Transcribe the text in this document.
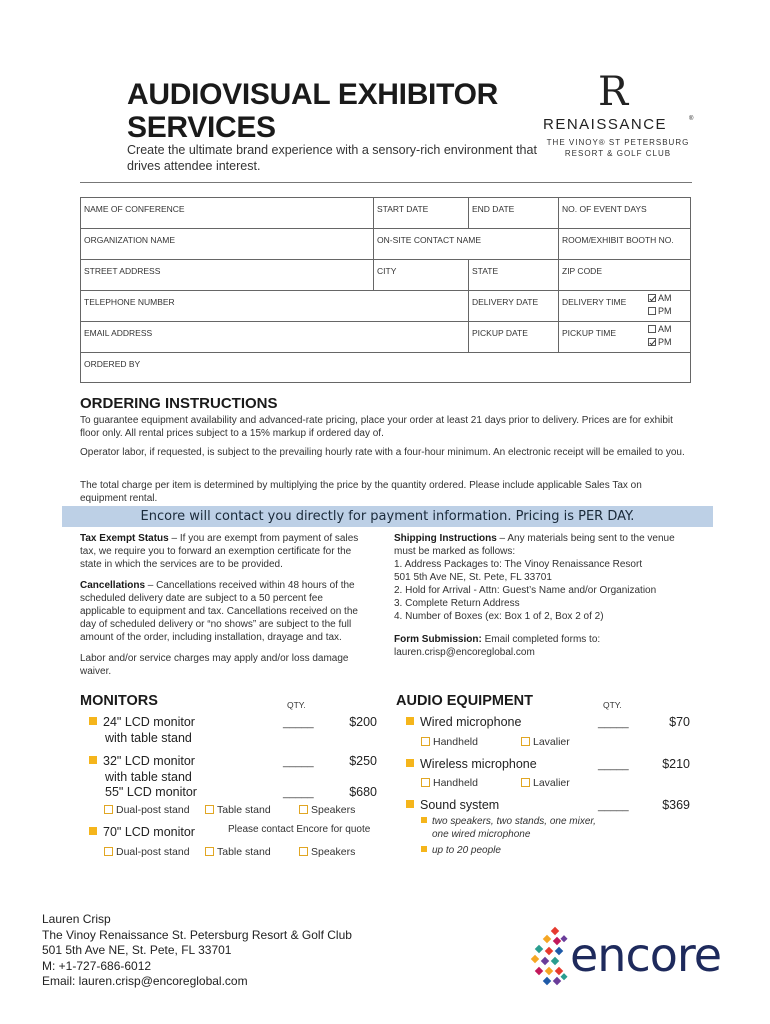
AUDIOVISUAL EXHIBITOR
SERVICES
Create the ultimate brand experience with a sensory-rich environment that drives attendee interest.
R
RENAISSANCE	®
THE VINOY® ST PETERSBURG
RESORT & GOLF CLUB
NAME OF CONFERENCE	START DATE	END DATE	NO. OF EVENT DAYS
ORGANIZATION NAME	ON-SITE CONTACT NAME	ROOM/EXHIBIT BOOTH NO.
STREET ADDRESS	CITY	STATE	ZIP CODE
TELEPHONE NUMBER	DELIVERY DATE	DELIVERY TIME	AM
PM
EMAIL ADDRESS	PICKUP DATE	PICKUP TIME	AM
PM
ORDERED BY
ORDERING INSTRUCTIONS
To guarantee equipment availability and advanced-rate pricing, place your order at least 21 days prior to delivery. Prices are for exhibit floor only. All rental prices subject to a 15% markup if ordered day of.
Operator labor, if requested, is subject to the prevailing hourly rate with a four-hour minimum. An electronic receipt will be emailed to you.
The total charge per item is determined by multiplying the price by the quantity ordered. Please include applicable Sales Tax on equipment rental.
Encore will contact you directly for payment information. Pricing is PER DAY.

Tax Exempt Status – If you are exempt from payment of sales tax, we require you to forward an exemption certificate for the state in which the services are to be provided.

Cancellations – Cancellations received within 48 hours of the scheduled delivery date are subject to a 50 percent fee applicable to equipment and tax. Cancellations received on the day of scheduled delivery or “no shows” are subject to the full amount of the order, including installation, drayage and tax.

Labor and/or service charges may apply and/or loss damage waiver.

Shipping Instructions – Any materials being sent to the venue must be marked as follows:
1. Address Packages to: The Vinoy Renaissance Resort
501 5th Ave NE, St. Pete, FL 33701
2. Hold for Arrival - Attn: Guest’s Name and/or Organization
3. Complete Return Address
4. Number of Boxes (ex: Box 1 of 2, Box 2 of 2)
Form Submission: Email completed forms to:
lauren.crisp@encoreglobal.com
MONITORS	QTY.
24" LCD monitor
with table stand
_____	$200
32" LCD monitor
with table stand
_____	$250
55" LCD monitor	_____	$680
Dual-post stand	Table stand	Speakers
70" LCD monitor	Please contact Encore for quote
Dual-post stand	Table stand	Speakers
AUDIO EQUIPMENT	QTY.
Wired microphone	_____	$70
Handheld	Lavalier
Wireless microphone	_____	$210
Handheld	Lavalier
Sound system	_____	$369
two speakers, two stands, one mixer,
one wired microphone
up to 20 people
Lauren Crisp
The Vinoy Renaissance St. Petersburg Resort & Golf Club
501 5th Ave NE, St. Pete, FL 33701
M: +1-727-686-6012
Email: lauren.crisp@encoreglobal.com	encore
